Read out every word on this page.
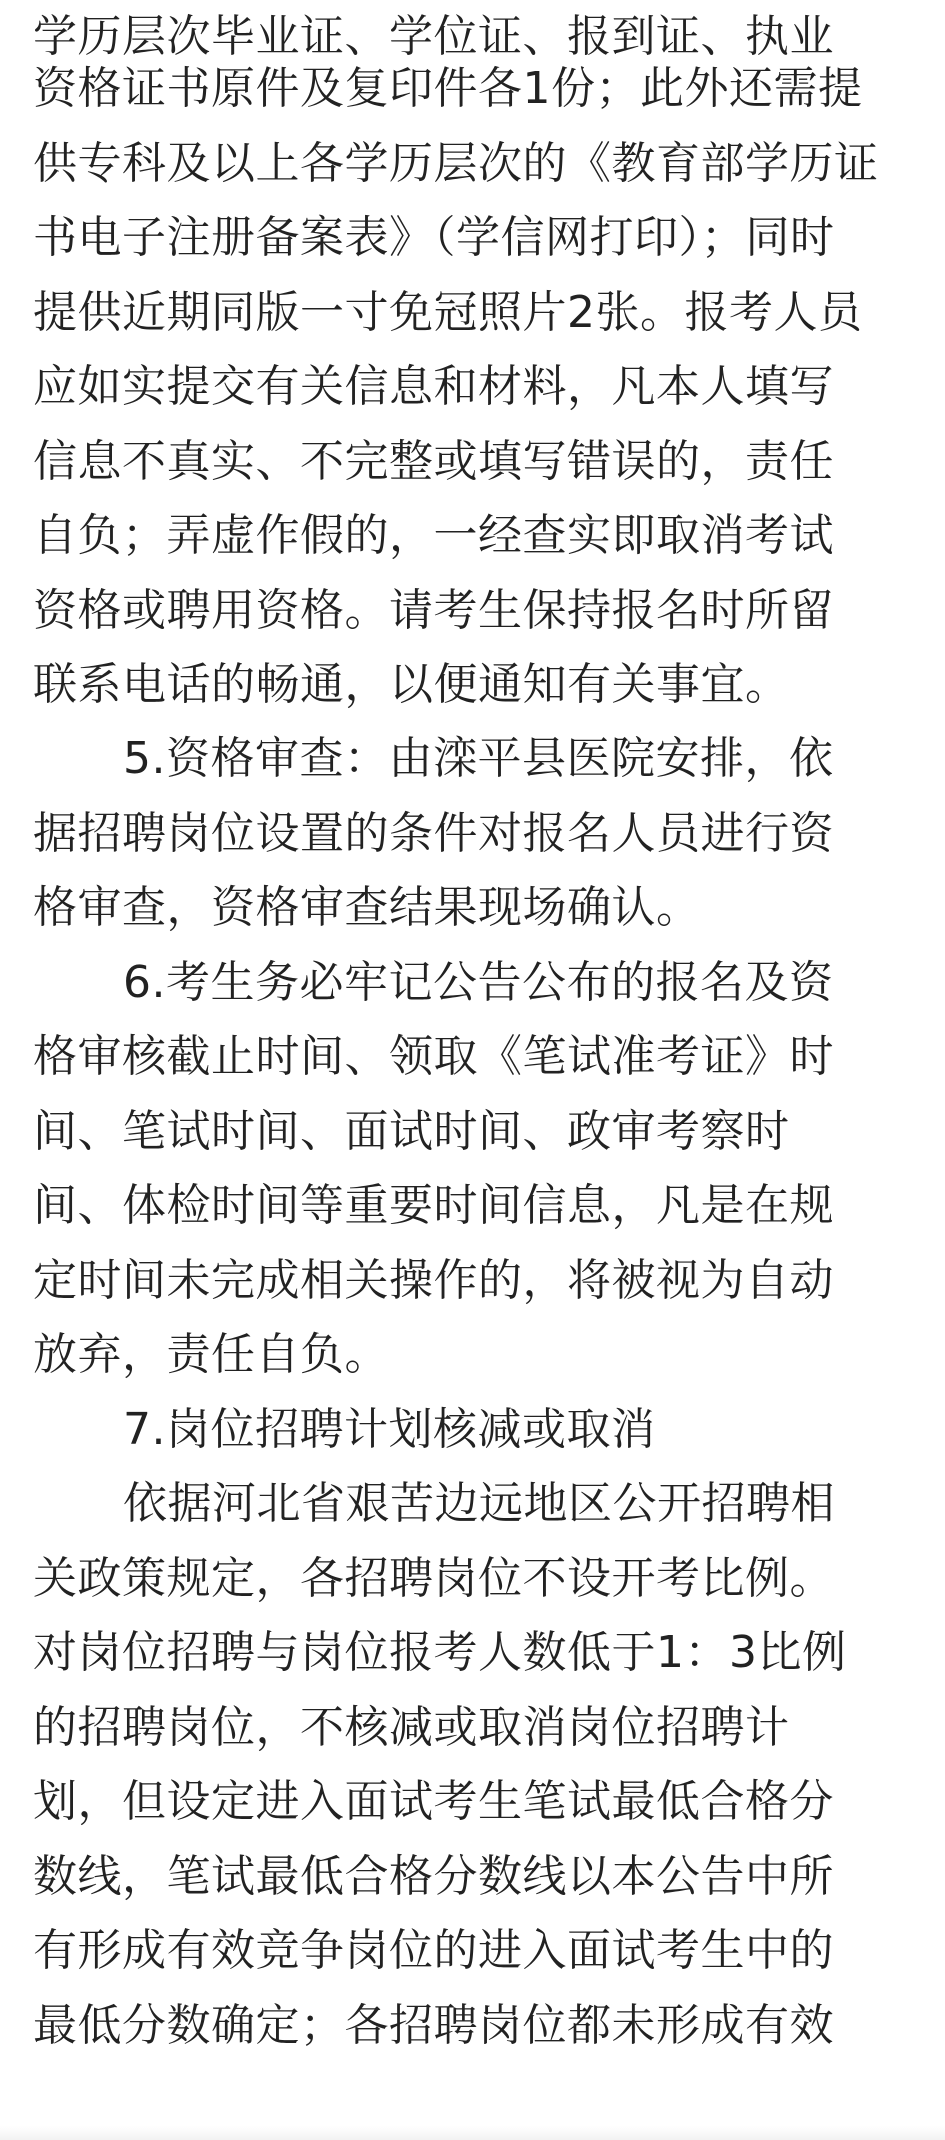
学历层次毕业证、学位证、报到证、执业
资格证书原件及复印件各1份；此外还需提
供专科及以上各学历层次的《教育部学历证
书电子注册备案表》（学信网打印）；同时
提供近期同版一寸免冠照片2张。报考人员
应如实提交有关信息和材料，凡本人填写
信息不真实、不完整或填写错误的，责任
自负；弄虚作假的，一经查实即取消考试
资格或聘用资格。请考生保持报名时所留
联系电话的畅通，以便通知有关事宜。
5.资格审查：由滦平县医院安排，依
据招聘岗位设置的条件对报名人员进行资
格审查，资格审查结果现场确认。
6.考生务必牢记公告公布的报名及资
格审核截止时间、领取《笔试准考证》时
间、笔试时间、面试时间、政审考察时
间、体检时间等重要时间信息，凡是在规
定时间未完成相关操作的，将被视为自动
放弃，责任自负。
7.岗位招聘计划核减或取消
依据河北省艰苦边远地区公开招聘相
关政策规定，各招聘岗位不设开考比例。
对岗位招聘与岗位报考人数低于1：3比例
的招聘岗位，不核减或取消岗位招聘计
划，但设定进入面试考生笔试最低合格分
数线，笔试最低合格分数线以本公告中所
有形成有效竞争岗位的进入面试考生中的
最低分数确定；各招聘岗位都未形成有效
